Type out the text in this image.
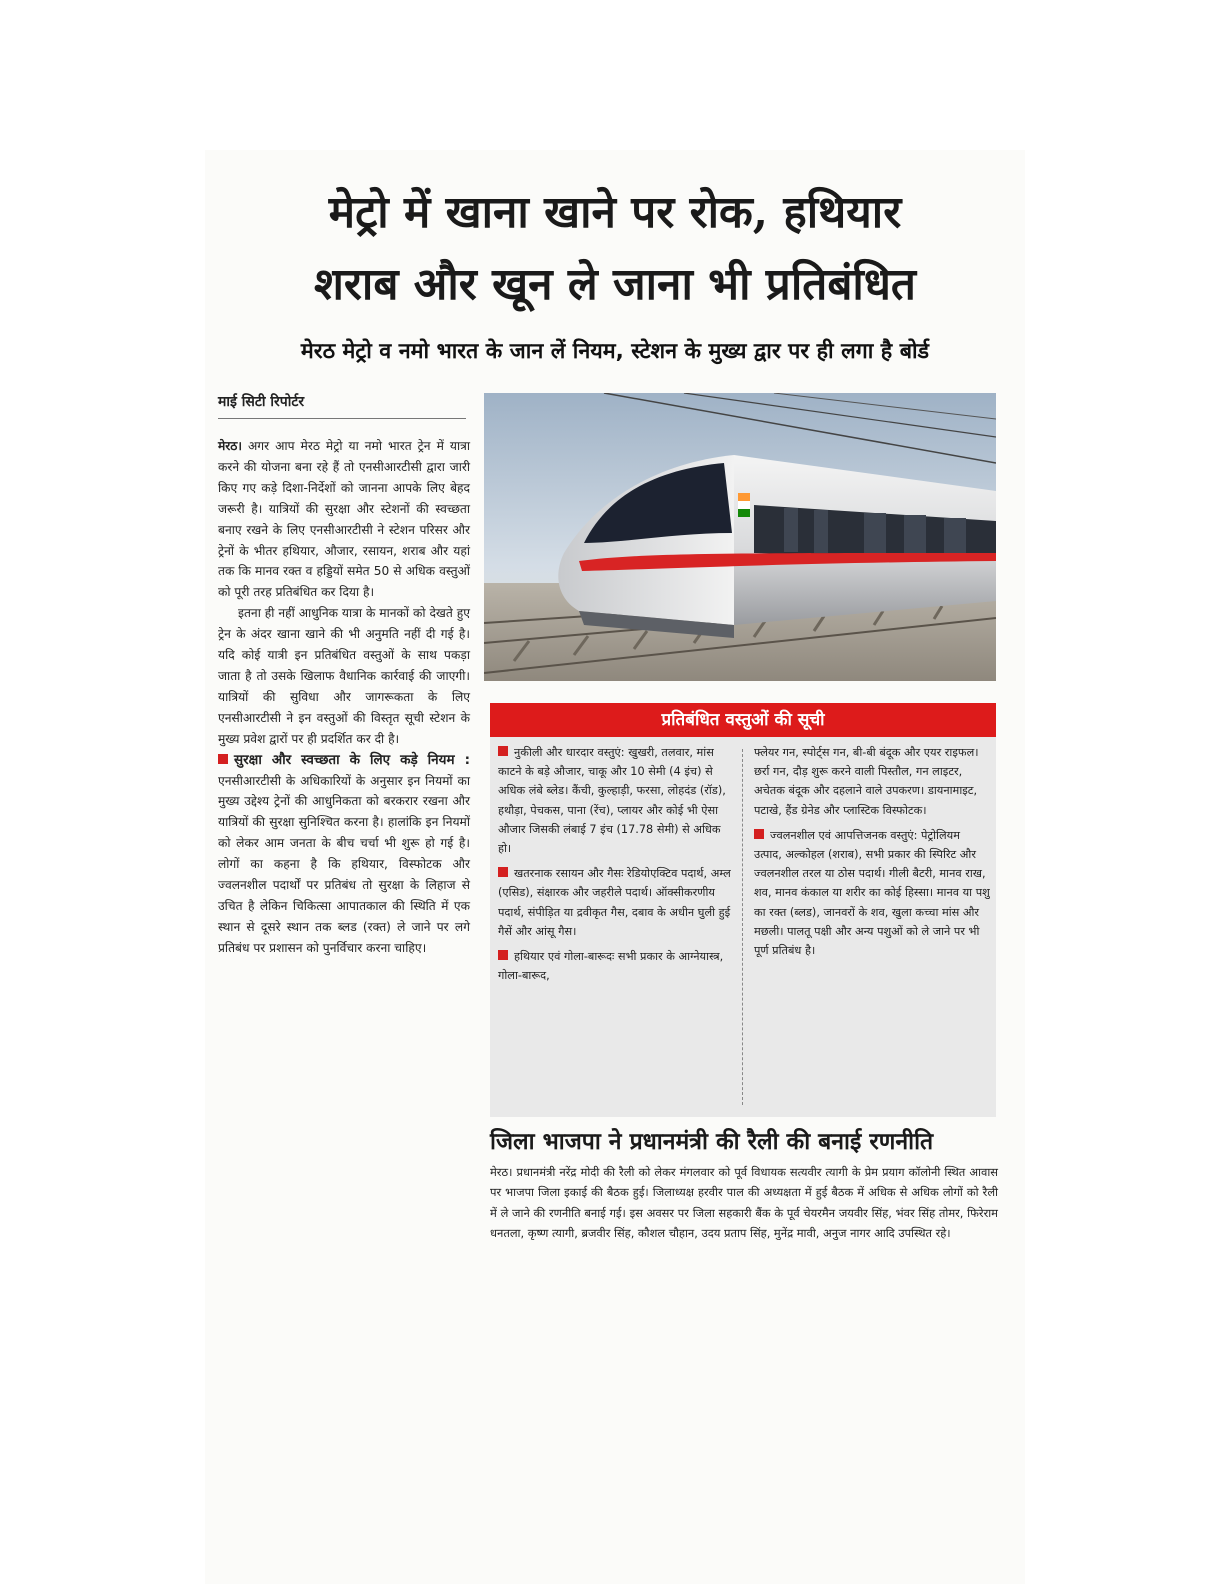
मेट्रो में खाना खाने पर रोक, हथियार
शराब और खून ले जाना भी प्रतिबंधित
मेरठ मेट्रो व नमो भारत के जान लें नियम, स्टेशन के मुख्य द्वार पर ही लगा है बोर्ड
माई सिटी रिपोर्टर

मेरठ। अगर आप मेरठ मेट्रो या नमो भारत ट्रेन में यात्रा करने की योजना बना रहे हैं तो एनसीआरटीसी द्वारा जारी किए गए कड़े दिशा-निर्देशों को जानना आपके लिए बेहद जरूरी है। यात्रियों की सुरक्षा और स्टेशनों की स्वच्छता बनाए रखने के लिए एनसीआरटीसी ने स्टेशन परिसर और ट्रेनों के भीतर हथियार, औजार, रसायन, शराब और यहां तक कि मानव रक्त व हड्डियों समेत 50 से अधिक वस्तुओं को पूरी तरह प्रतिबंधित कर दिया है।

इतना ही नहीं आधुनिक यात्रा के मानकों को देखते हुए ट्रेन के अंदर खाना खाने की भी अनुमति नहीं दी गई है। यदि कोई यात्री इन प्रतिबंधित वस्तुओं के साथ पकड़ा जाता है तो उसके खिलाफ वैधानिक कार्रवाई की जाएगी। यात्रियों की सुविधा और जागरूकता के लिए एनसीआरटीसी ने इन वस्तुओं की विस्तृत सूची स्टेशन के मुख्य प्रवेश द्वारों पर ही प्रदर्शित कर दी है।

सुरक्षा और स्वच्छता के लिए कड़े नियम : एनसीआरटीसी के अधिकारियों के अनुसार इन नियमों का मुख्य उद्देश्य ट्रेनों की आधुनिकता को बरकरार रखना और यात्रियों की सुरक्षा सुनिश्चित करना है। हालांकि इन नियमों को लेकर आम जनता के बीच चर्चा भी शुरू हो गई है। लोगों का कहना है कि हथियार, विस्फोटक और ज्वलनशील पदार्थों पर प्रतिबंध तो सुरक्षा के लिहाज से उचित है लेकिन चिकित्सा आपातकाल की स्थिति में एक स्थान से दूसरे स्थान तक ब्लड (रक्त) ले जाने पर लगे प्रतिबंध पर प्रशासन को पुनर्विचार करना चाहिए।

प्रतिबंधित वस्तुओं की सूची

नुकीली और धारदार वस्तुएं: खुखरी, तलवार, मांस काटने के बड़े औजार, चाकू और 10 सेमी (4 इंच) से अधिक लंबे ब्लेड। कैंची, कुल्हाड़ी, फरसा, लोहदंड (रॉड), हथौड़ा, पेचकस, पाना (रेंच), प्लायर और कोई भी ऐसा औजार जिसकी लंबाई 7 इंच (17.78 सेमी) से अधिक हो।

खतरनाक रसायन और गैसः रेडियोएक्टिव पदार्थ, अम्ल (एसिड), संक्षारक और जहरीले पदार्थ। ऑक्सीकरणीय पदार्थ, संपीड़ित या द्रवीकृत गैस, दबाव के अधीन घुली हुई गैसें और आंसू गैस।

हथियार एवं गोला-बारूदः सभी प्रकार के आग्नेयास्त्र, गोला-बारूद,

फ्लेयर गन, स्पोर्ट्स गन, बी-बी बंदूक और एयर राइफल। छर्रा गन, दौड़ शुरू करने वाली पिस्तौल, गन लाइटर, अचेतक बंदूक और दहलाने वाले उपकरण। डायनामाइट, पटाखे, हैंड ग्रेनेड और प्लास्टिक विस्फोटक।

ज्वलनशील एवं आपत्तिजनक वस्तुएं: पेट्रोलियम उत्पाद, अल्कोहल (शराब), सभी प्रकार की स्पिरिट और ज्वलनशील तरल या ठोस पदार्थ। गीली बैटरी, मानव राख, शव, मानव कंकाल या शरीर का कोई हिस्सा। मानव या पशु का रक्त (ब्लड), जानवरों के शव, खुला कच्चा मांस और मछली। पालतू पक्षी और अन्य पशुओं को ले जाने पर भी पूर्ण प्रतिबंध है।

जिला भाजपा ने प्रधानमंत्री की रैली की बनाई रणनीति

मेरठ। प्रधानमंत्री नरेंद्र मोदी की रैली को लेकर मंगलवार को पूर्व विधायक सत्यवीर त्यागी के प्रेम प्रयाग कॉलोनी स्थित आवास पर भाजपा जिला इकाई की बैठक हुई। जिलाध्यक्ष हरवीर पाल की अध्यक्षता में हुई बैठक में अधिक से अधिक लोगों को रैली में ले जाने की रणनीति बनाई गई। इस अवसर पर जिला सहकारी बैंक के पूर्व चेयरमैन जयवीर सिंह, भंवर सिंह तोमर, फिरेराम धनतला, कृष्ण त्यागी, ब्रजवीर सिंह, कौशल चौहान, उदय प्रताप सिंह, मुनेंद्र मावी, अनुज नागर आदि उपस्थित रहे।
